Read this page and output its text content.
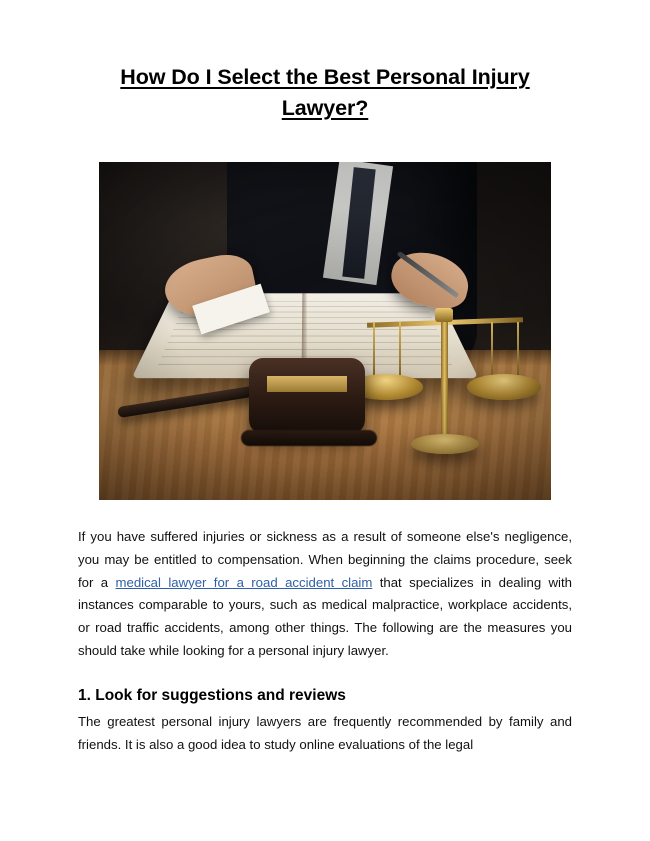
How Do I Select the Best Personal Injury Lawyer?

If you have suffered injuries or sickness as a result of someone else's negligence, you may be entitled to compensation. When beginning the claims procedure, seek for a medical lawyer for a road accident claim that specializes in dealing with instances comparable to yours, such as medical malpractice, workplace accidents, or road traffic accidents, among other things. The following are the measures you should take while looking for a personal injury lawyer.

1. Look for suggestions and reviews
The greatest personal injury lawyers are frequently recommended by family and friends. It is also a good idea to study online evaluations of the legal
